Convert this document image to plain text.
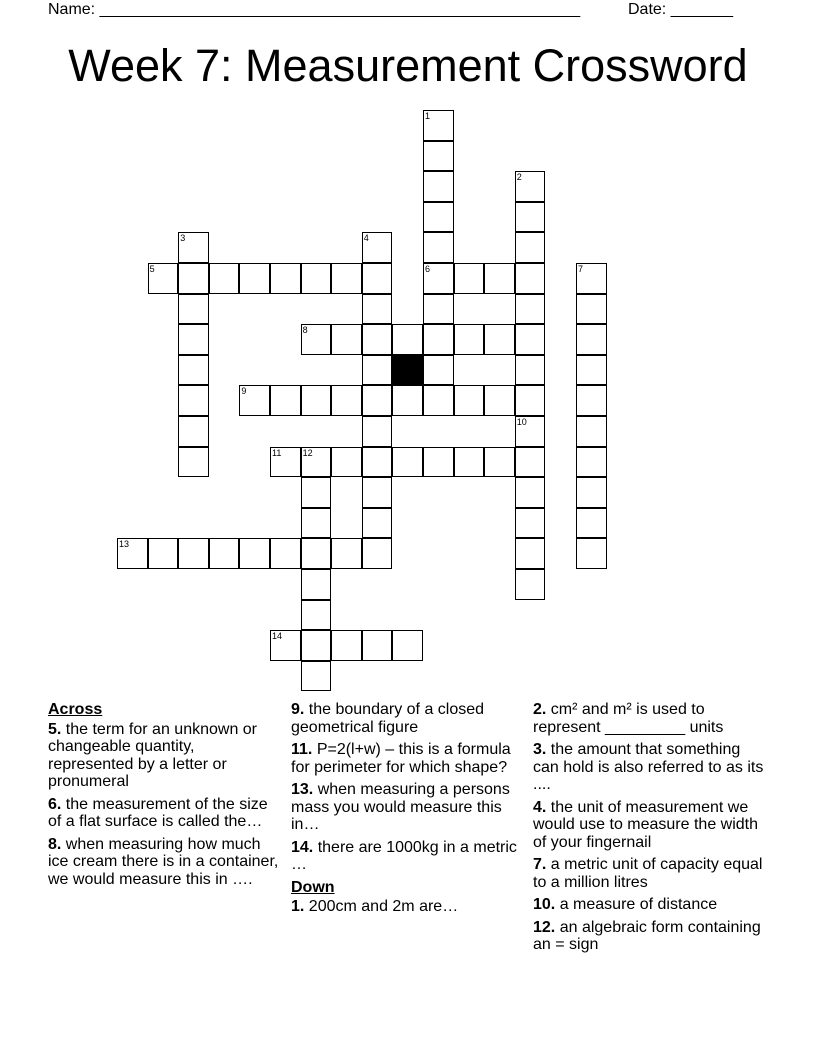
Name: ______________________________________________________	Date: _______
Week 7: Measurement Crossword
1
6
2
3	4
5	7
8
9
10
11 12
13
14
Across
5. the term for an unknown or changeable quantity, represented by a letter or pronumeral
6. the measurement of the size of a flat surface is called the…
8. when measuring how much ice cream there is in a container, we would measure this in ….
9. the boundary of a closed geometrical figure
11. P=2(l+w) – this is a formula for perimeter for which shape?
13. when measuring a persons mass you would measure this in…
14. there are 1000kg in a metric …
Down
1. 200cm and 2m are…
2. cm² and m² is used to represent _________ units
3. the amount that something can hold is also referred to as its ....
4. the unit of measurement we would use to measure the width of your fingernail
7. a metric unit of capacity equal to a million litres
10. a measure of distance
12. an algebraic form containing an = sign
